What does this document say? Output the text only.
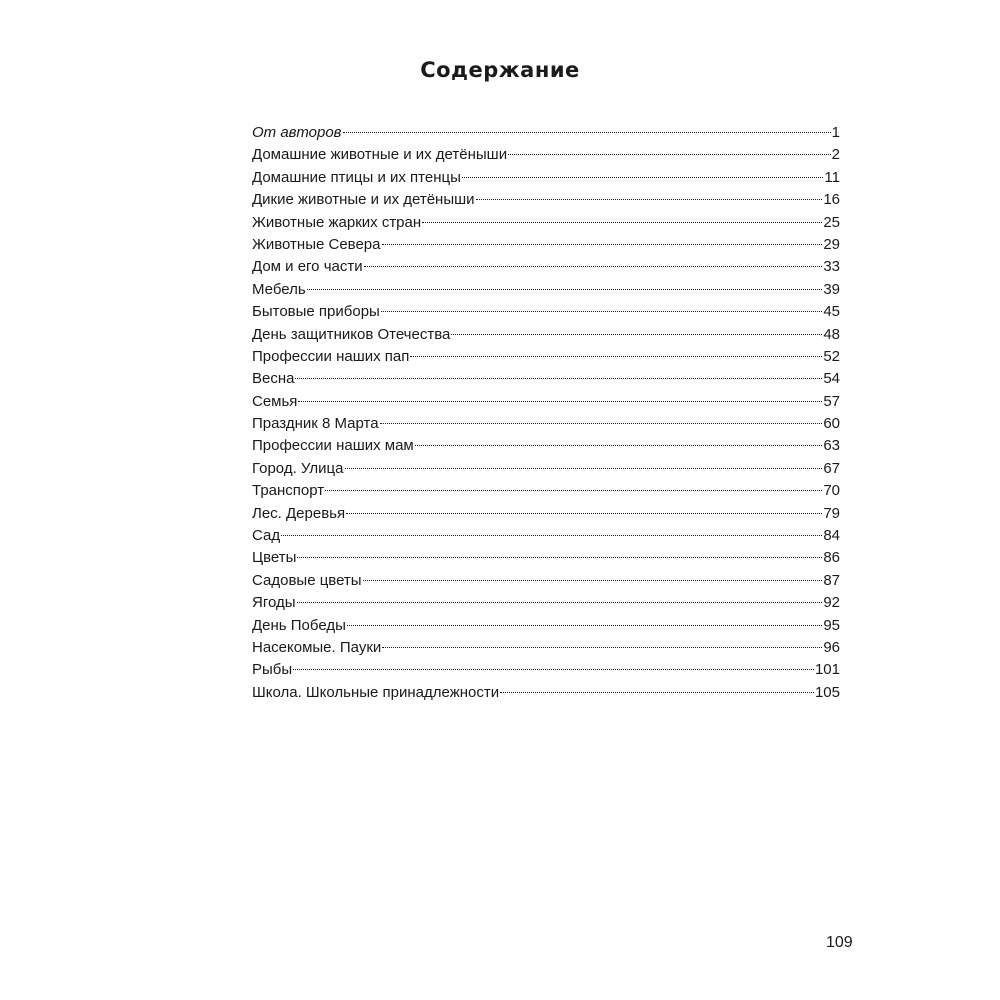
Содержание
От авторов	1
Домашние животные и их детёныши	2
Домашние птицы и их птенцы	11
Дикие животные и их детёныши	16
Животные жарких стран	25
Животные Севера	29
Дом и его части	33
Мебель	39
Бытовые приборы	45
День защитников Отечества	48
Профессии наших пап	52
Весна	54
Семья	57
Праздник 8 Марта	60
Профессии наших мам	63
Город. Улица	67
Транспорт	70
Лес. Деревья	79
Сад	84
Цветы	86
Садовые цветы	87
Ягоды	92
День Победы	95
Насекомые. Пауки	96
Рыбы	101
Школа. Школьные принадлежности	105
109
